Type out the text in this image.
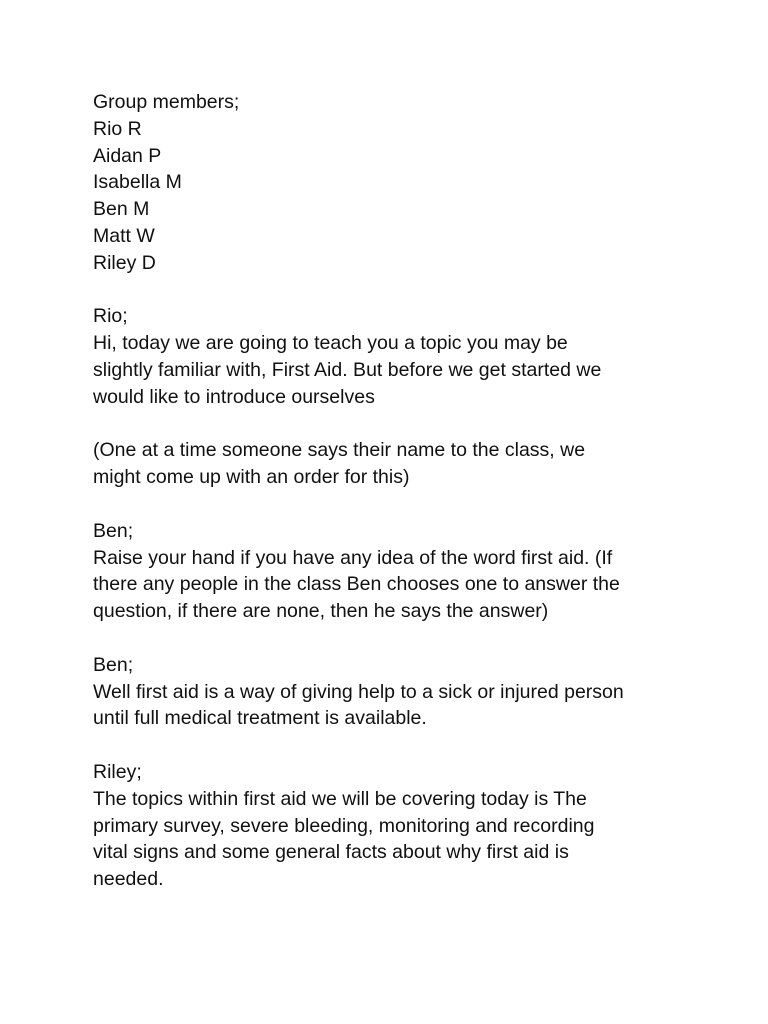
Group members;
Rio R
Aidan P
Isabella M
Ben M
Matt W
Riley D
Rio;
Hi, today we are going to teach you a topic you may be
slightly familiar with, First Aid. But before we get started we
would like to introduce ourselves
(One at a time someone says their name to the class, we
might come up with an order for this)
Ben;
Raise your hand if you have any idea of the word first aid. (If
there any people in the class Ben chooses one to answer the
question, if there are none, then he says the answer)
Ben;
Well first aid is a way of giving help to a sick or injured person
until full medical treatment is available.
Riley;
The topics within first aid we will be covering today is The
primary survey, severe bleeding, monitoring and recording
vital signs and some general facts about why first aid is
needed.
